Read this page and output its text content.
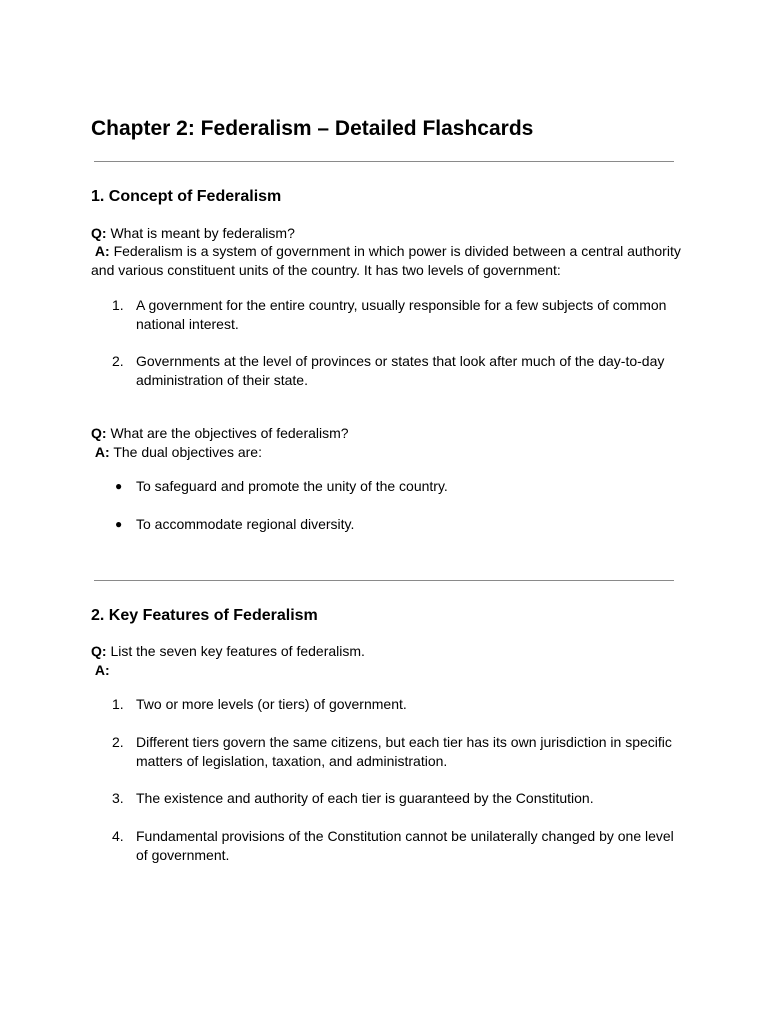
Chapter 2: Federalism – Detailed Flashcards
1. Concept of Federalism

Q: What is meant by federalism?

A: Federalism is a system of government in which power is divided between a central authority and various constituent units of the country. It has two levels of government:

1. A government for the entire country, usually responsible for a few subjects of common national interest.
2. Governments at the level of provinces or states that look after much of the day-to-day administration of their state.

Q: What are the objectives of federalism?

A: The dual objectives are:

● To safeguard and promote the unity of the country.
● To accommodate regional diversity.
2. Key Features of Federalism

Q: List the seven key features of federalism.

A:

1. Two or more levels (or tiers) of government.
2. Different tiers govern the same citizens, but each tier has its own jurisdiction in specific matters of legislation, taxation, and administration.
3. The existence and authority of each tier is guaranteed by the Constitution.
4. Fundamental provisions of the Constitution cannot be unilaterally changed by one level of government.
